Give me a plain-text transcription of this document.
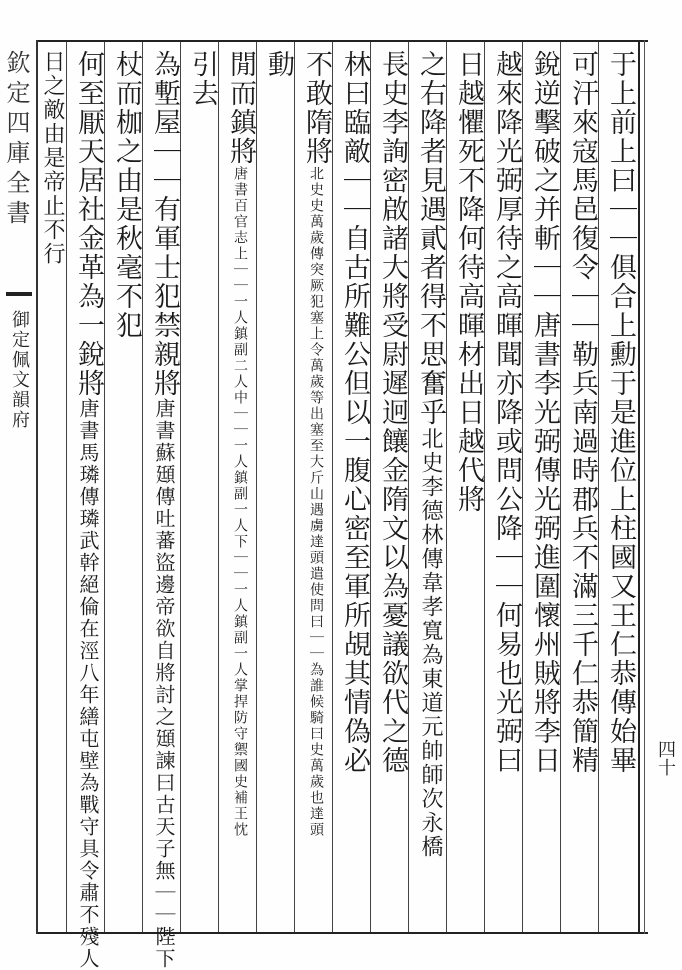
欽定四庫全書
御定佩文韻府
四十
于上前上曰｜｜俱合上勳于是進位上柱國又王仁恭傳始畢
可汗來寇馬邑復令｜｜勒兵南過時郡兵不滿三千仁恭簡精
銳逆擊破之并斬｜｜唐書李光弼傳光弼進圍懷州賊將李日
越來降光弼厚待之高暉聞亦降或問公降｜｜何易也光弼曰
日越懼死不降何待高暉材出日越代將
之右降者見遇貳者得不思奮乎北史李德林傳韋孝寬為東道元帥師次永橋
長史李詢密啟諸大將受尉遲迥饟金隋文以為憂議欲代之德
林曰臨敵｜｜自古所難公但以一腹心密至軍所覘其情偽必
不敢隋將北史史萬歲傳突厥犯塞上令萬歲等出塞至大斤山遇虜達頭遣使問曰｜｜為誰候騎曰史萬歲也達頭
動
閒而鎮將唐書百官志上｜｜一人鎮副二人中｜｜一人鎮副一人下｜｜一人鎮副一人掌捍防守禦國史補王忱
引去
為塹屋｜｜有軍士犯禁親將唐書蘇頲傳吐蕃盜邊帝欲自將討之頲諫曰古天子無｜｜陛下
杖而枷之由是秋毫不犯
何至厭天居社金革為一銳將唐書馬璘傳璘武幹絕倫在涇八年繕屯壁為戰守具令肅不殘人
日之敵由是帝止不行
